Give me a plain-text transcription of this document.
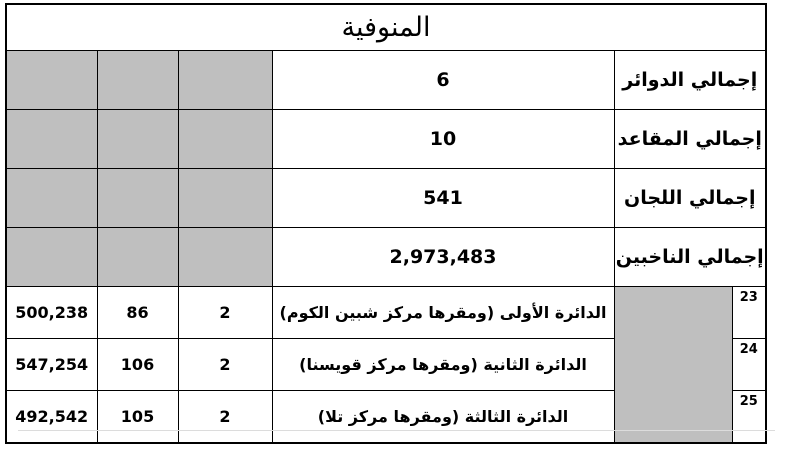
المنوفية					
إجمالي الدوائر		6			
إجمالي المقاعد		10			
إجمالي اللجان		541			
إجمالي الناخبين		2,973,483			
23		الدائرة الأولى (ومقرها مركز شبين الكوم)	2	86	500,238
24		الدائرة الثانية (ومقرها مركز قويسنا)	2	106	547,254
25		الدائرة الثالثة (ومقرها مركز تلا)	2	105	492,542
